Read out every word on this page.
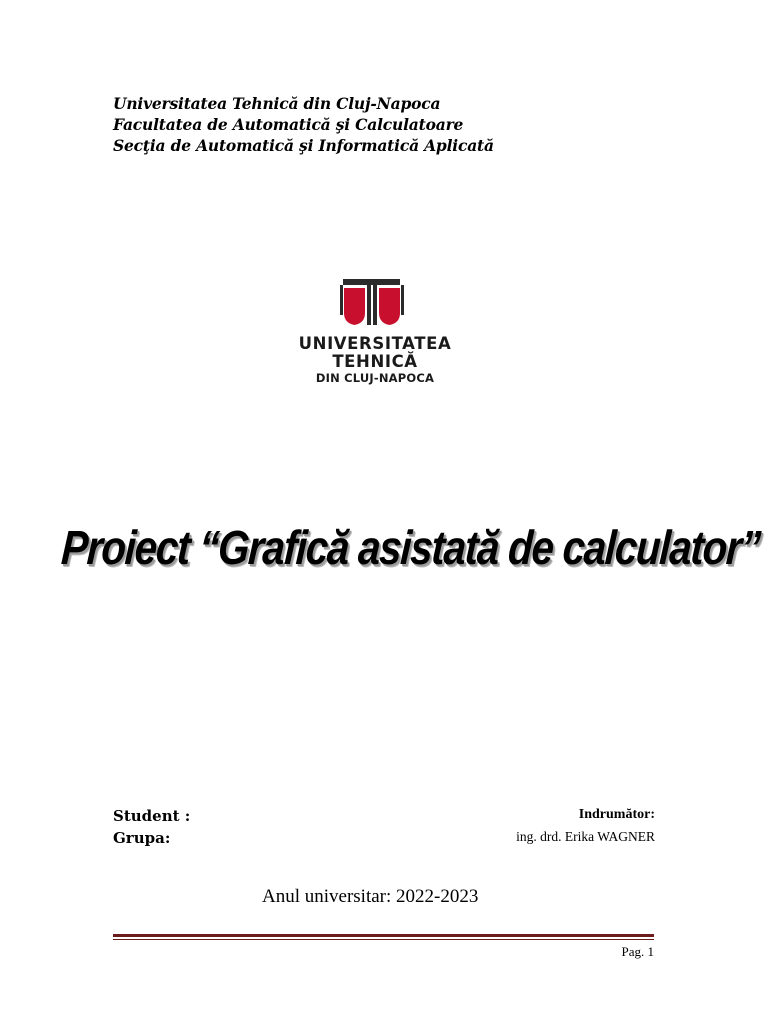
Universitatea Tehnică din Cluj-Napoca
Facultatea de Automatică şi Calculatoare
Secţia de Automatică şi Informatică Aplicată
UNIVERSITATEA
TEHNICĂ
DIN CLUJ-NAPOCA
Proiect “Grafică asistată de calculator”
Student :
Grupa:
Indrumător:
ing. drd. Erika WAGNER
Anul universitar: 2022-2023
Pag. 1
